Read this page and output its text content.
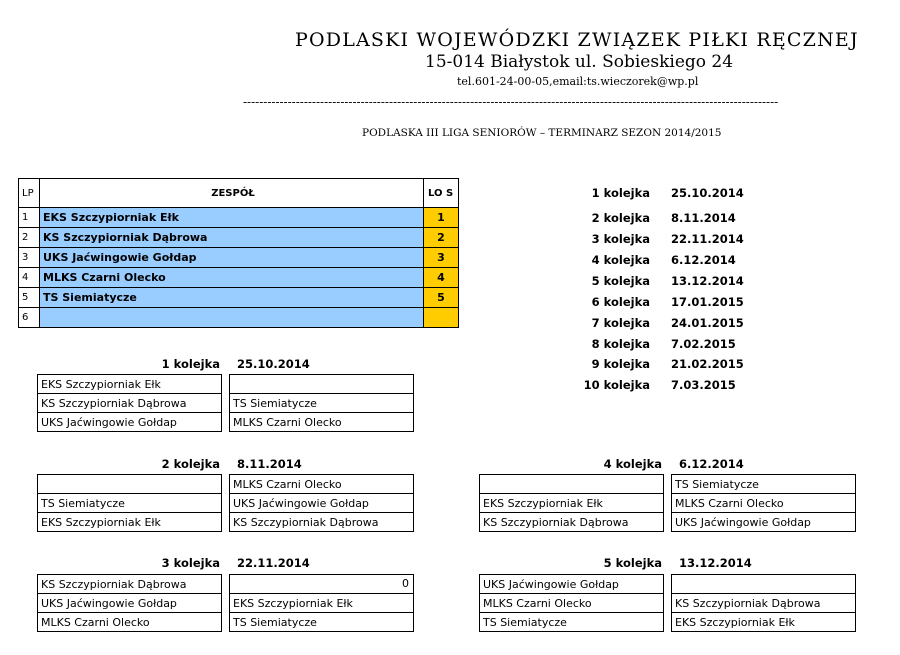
PODLASKI WOJEWÓDZKI ZWIĄZEK PIŁKI RĘCZNEJ
15-014 Białystok ul. Sobieskiego 24
tel.601-24-00-05,email:ts.wieczorek@wp.pl
------------------------------------------------------------------------------------------------------------------------------------
PODLASKA III LIGA SENIORÓW – TERMINARZ SEZON 2014/2015
LP	ZESPÓŁ	LO S
1	EKS Szczypiorniak Ełk	1
2	KS Szczypiorniak Dąbrowa	2
3	UKS Jaćwingowie Gołdap	3
4	MLKS Czarni Olecko	4
5	TS Siemiatycze	5
6		
1 kolejka 25.10.2014
2 kolejka 8.11.2014
3 kolejka 22.11.2014
4 kolejka 6.12.2014
5 kolejka 13.12.2014
6 kolejka 17.01.2015
7 kolejka 24.01.2015
8 kolejka 7.02.2015
9 kolejka 21.02.2015
10 kolejka 7.03.2015
1 kolejka 25.10.2014
EKS Szczypiorniak Ełk		
KS Szczypiorniak Dąbrowa		TS Siemiatycze
UKS Jaćwingowie Gołdap		MLKS Czarni Olecko
2 kolejka 8.11.2014
		MLKS Czarni Olecko
TS Siemiatycze		UKS Jaćwingowie Gołdap
EKS Szczypiorniak Ełk		KS Szczypiorniak Dąbrowa
4 kolejka 6.12.2014
		TS Siemiatycze
EKS Szczypiorniak Ełk		MLKS Czarni Olecko
KS Szczypiorniak Dąbrowa		UKS Jaćwingowie Gołdap
3 kolejka 22.11.2014
KS Szczypiorniak Dąbrowa		0

UKS Jaćwingowie Gołdap		EKS Szczypiorniak Ełk
MLKS Czarni Olecko		TS Siemiatycze
5 kolejka 13.12.2014
UKS Jaćwingowie Gołdap		
MLKS Czarni Olecko		KS Szczypiorniak Dąbrowa
TS Siemiatycze		EKS Szczypiorniak Ełk
